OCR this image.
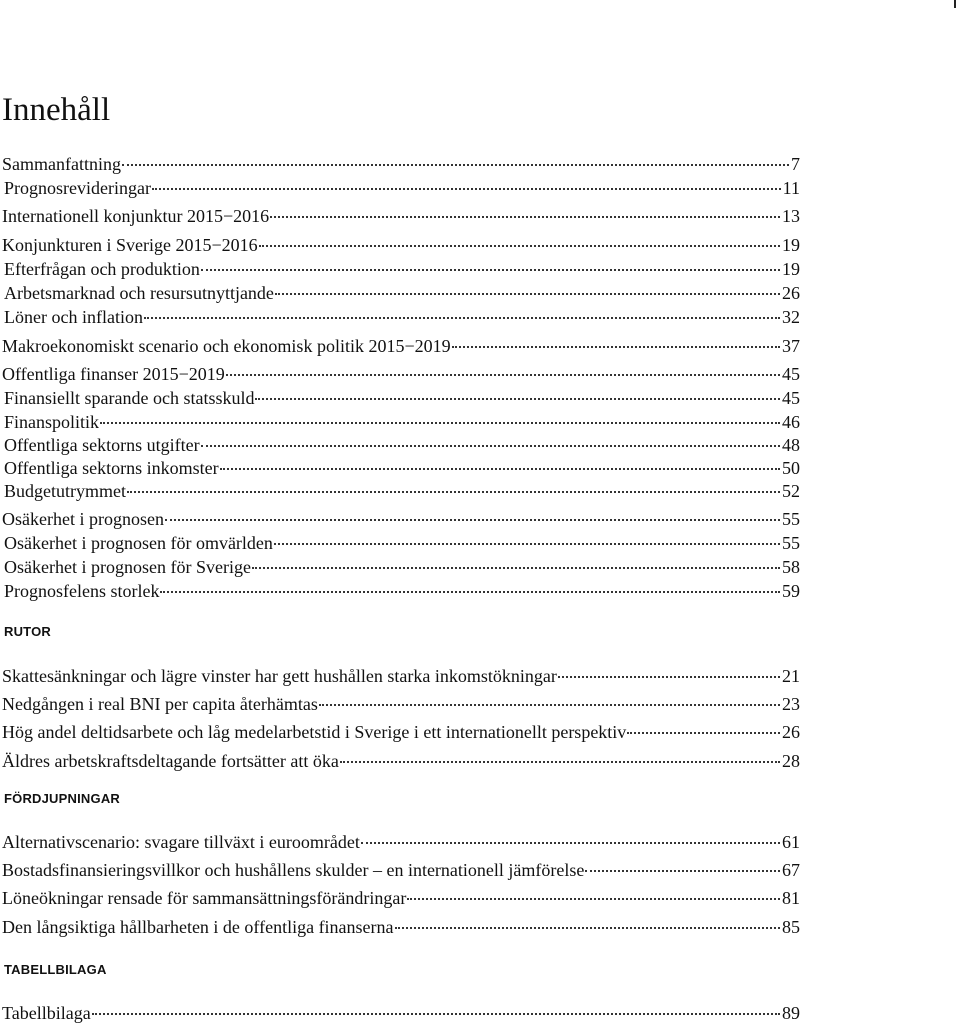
Innehåll
Sammanfattning	7
Prognosrevideringar	11
Internationell konjunktur 2015−2016	13
Konjunkturen i Sverige 2015−2016	19
Efterfrågan och produktion	19
Arbetsmarknad och resursutnyttjande	26
Löner och inflation	32
Makroekonomiskt scenario och ekonomisk politik 2015−2019	37
Offentliga finanser 2015−2019	45
Finansiellt sparande och statsskuld	45
Finanspolitik	46
Offentliga sektorns utgifter	48
Offentliga sektorns inkomster	50
Budgetutrymmet	52
Osäkerhet i prognosen	55
Osäkerhet i prognosen för omvärlden	55
Osäkerhet i prognosen för Sverige	58
Prognosfelens storlek	59
RUTOR
Skattesänkningar och lägre vinster har gett hushållen starka inkomstökningar	21
Nedgången i real BNI per capita återhämtas	23
Hög andel deltidsarbete och låg medelarbetstid i Sverige i ett internationellt perspektiv	26
Äldres arbetskraftsdeltagande fortsätter att öka	28
FÖRDJUPNINGAR
Alternativscenario: svagare tillväxt i euroområdet	61
Bostadsfinansieringsvillkor och hushållens skulder – en internationell jämförelse	67
Löneökningar rensade för sammansättningsförändringar	81
Den långsiktiga hållbarheten i de offentliga finanserna	85
TABELLBILAGA
Tabellbilaga	89
